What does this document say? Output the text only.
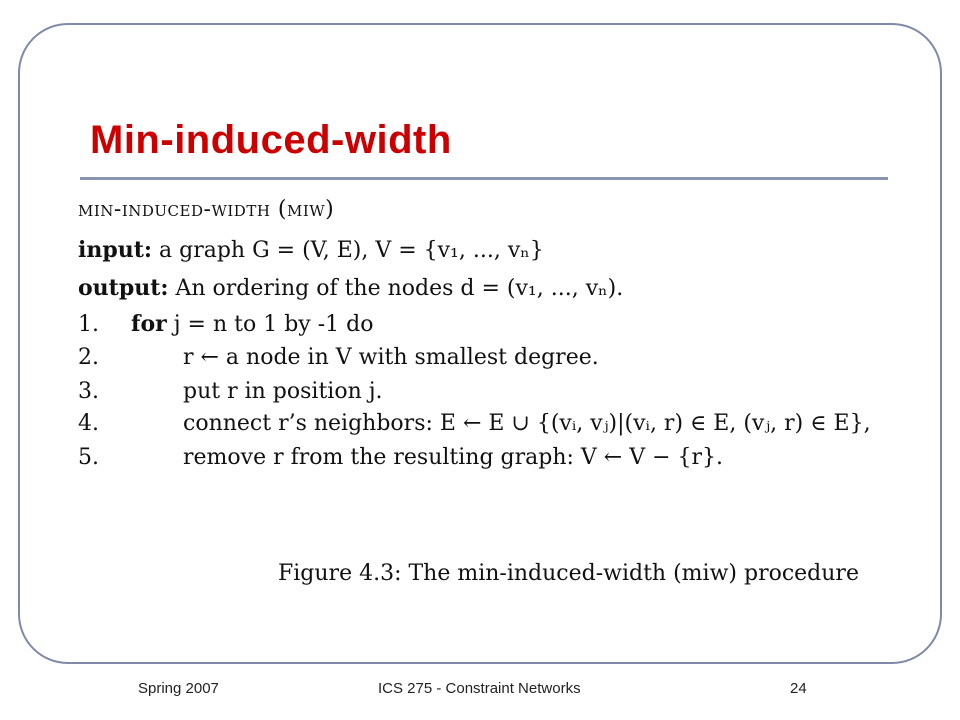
Min-induced-width
min-induced-width (miw)
input: a graph G = (V, E), V = {v₁, ..., vₙ}
output: An ordering of the nodes d = (v₁, ..., vₙ).
1. for j = n to 1 by -1 do
2.	r ← a node in V with smallest degree.
3.	put r in position j.
4.	connect r’s neighbors: E ← E ∪ {(vᵢ, vⱼ)|(vᵢ, r) ∈ E, (vⱼ, r) ∈ E},
5.	remove r from the resulting graph: V ← V − {r}.
Figure 4.3: The min-induced-width (miw) procedure
Spring 2007	ICS 275 - Constraint Networks	24
